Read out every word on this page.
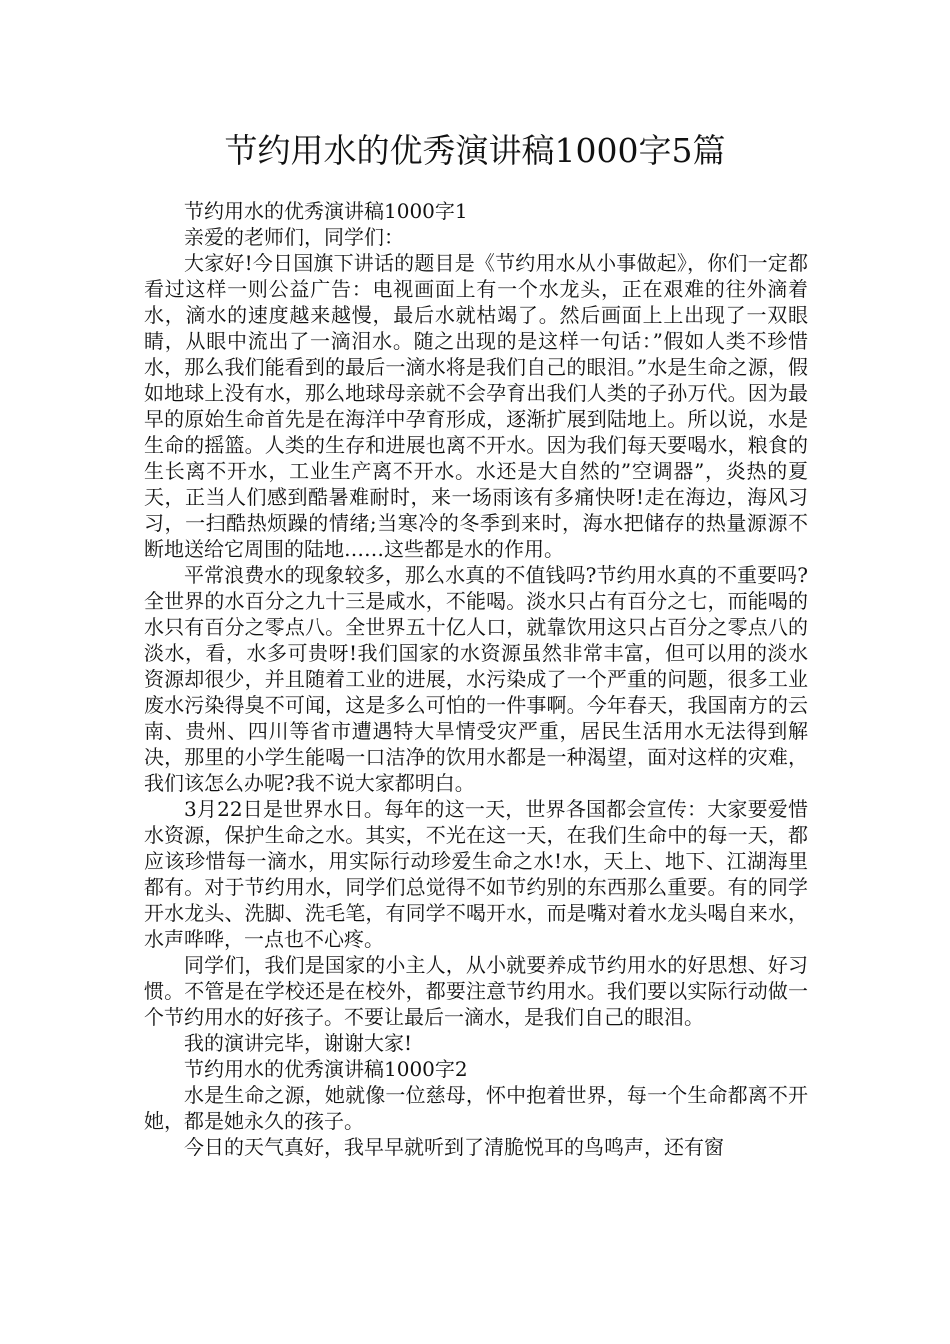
节约用水的优秀演讲稿1000字5篇

节约用水的优秀演讲稿1000字1

亲爱的老师们，同学们：

大家好!今日国旗下讲话的题目是《节约用水从小事做起》，你们一定都看过这样一则公益广告：电视画面上有一个水龙头，正在艰难的往外滴着水，滴水的速度越来越慢，最后水就枯竭了。然后画面上上出现了一双眼睛，从眼中流出了一滴泪水。随之出现的是这样一句话：”假如人类不珍惜水，那么我们能看到的最后一滴水将是我们自己的眼泪。”水是生命之源，假如地球上没有水，那么地球母亲就不会孕育出我们人类的子孙万代。因为最早的原始生命首先是在海洋中孕育形成，逐渐扩展到陆地上。所以说，水是生命的摇篮。人类的生存和进展也离不开水。因为我们每天要喝水，粮食的生长离不开水，工业生产离不开水。水还是大自然的”空调器”，炎热的夏天，正当人们感到酷暑难耐时，来一场雨该有多痛快呀!走在海边，海风习习，一扫酷热烦躁的情绪;当寒冷的冬季到来时，海水把储存的热量源源不断地送给它周围的陆地……这些都是水的作用。

平常浪费水的现象较多，那么水真的不值钱吗?节约用水真的不重要吗?全世界的水百分之九十三是咸水，不能喝。淡水只占有百分之七，而能喝的水只有百分之零点八。全世界五十亿人口，就靠饮用这只占百分之零点八的淡水，看，水多可贵呀!我们国家的水资源虽然非常丰富，但可以用的淡水资源却很少，并且随着工业的进展，水污染成了一个严重的问题，很多工业废水污染得臭不可闻，这是多么可怕的一件事啊。今年春天，我国南方的云南、贵州、四川等省市遭遇特大旱情受灾严重，居民生活用水无法得到解决，那里的小学生能喝一口洁净的饮用水都是一种渴望，面对这样的灾难，我们该怎么办呢?我不说大家都明白。

3月22日是世界水日。每年的这一天，世界各国都会宣传：大家要爱惜水资源，保护生命之水。其实，不光在这一天，在我们生命中的每一天，都应该珍惜每一滴水，用实际行动珍爱生命之水!水，天上、地下、江湖海里都有。对于节约用水，同学们总觉得不如节约别的东西那么重要。有的同学开水龙头、洗脚、洗毛笔，有同学不喝开水，而是嘴对着水龙头喝自来水，水声哗哗，一点也不心疼。

同学们，我们是国家的小主人，从小就要养成节约用水的好思想、好习惯。不管是在学校还是在校外，都要注意节约用水。我们要以实际行动做一个节约用水的好孩子。不要让最后一滴水，是我们自己的眼泪。

我的演讲完毕，谢谢大家!

节约用水的优秀演讲稿1000字2

水是生命之源，她就像一位慈母，怀中抱着世界，每一个生命都离不开她，都是她永久的孩子。

今日的天气真好，我早早就听到了清脆悦耳的鸟鸣声，还有窗
